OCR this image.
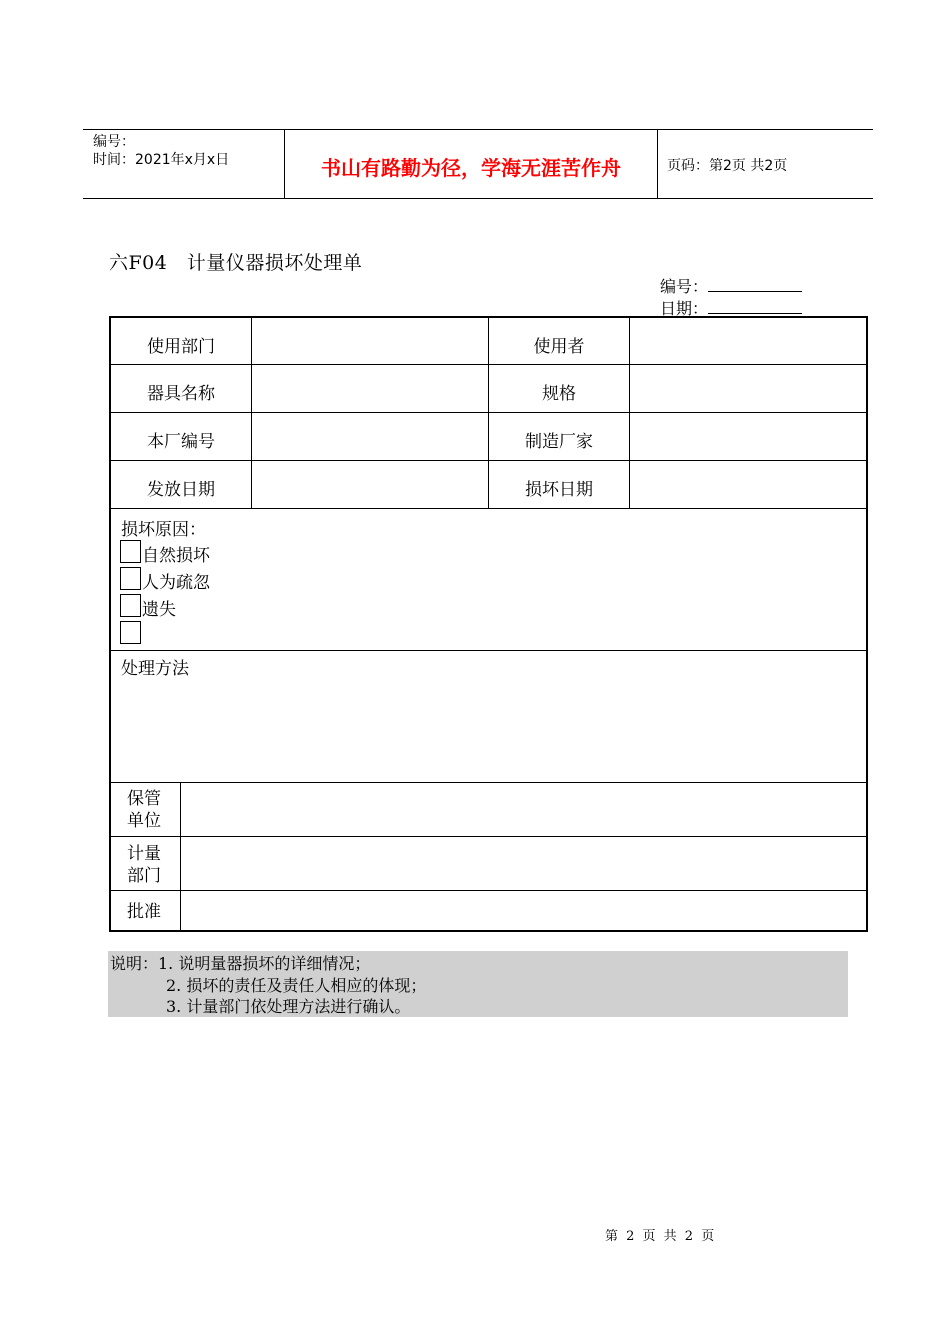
编号：
时间：2021年x月x日	书山有路勤为径，学海无涯苦作舟	页码：第2页 共2页
六F04　计量仪器损坏处理单
编号：
日期：
使用部门	使用者
器具名称	规格
本厂编号	制造厂家
发放日期	损坏日期
损坏原因：
自然损坏
人为疏忽
遗失
处理方法
保管
单位
计量
部门
批准
说明：1. 说明量器损坏的详细情况；
2. 损坏的责任及责任人相应的体现；
3. 计量部门依处理方法进行确认。
第 2 页 共 2 页
